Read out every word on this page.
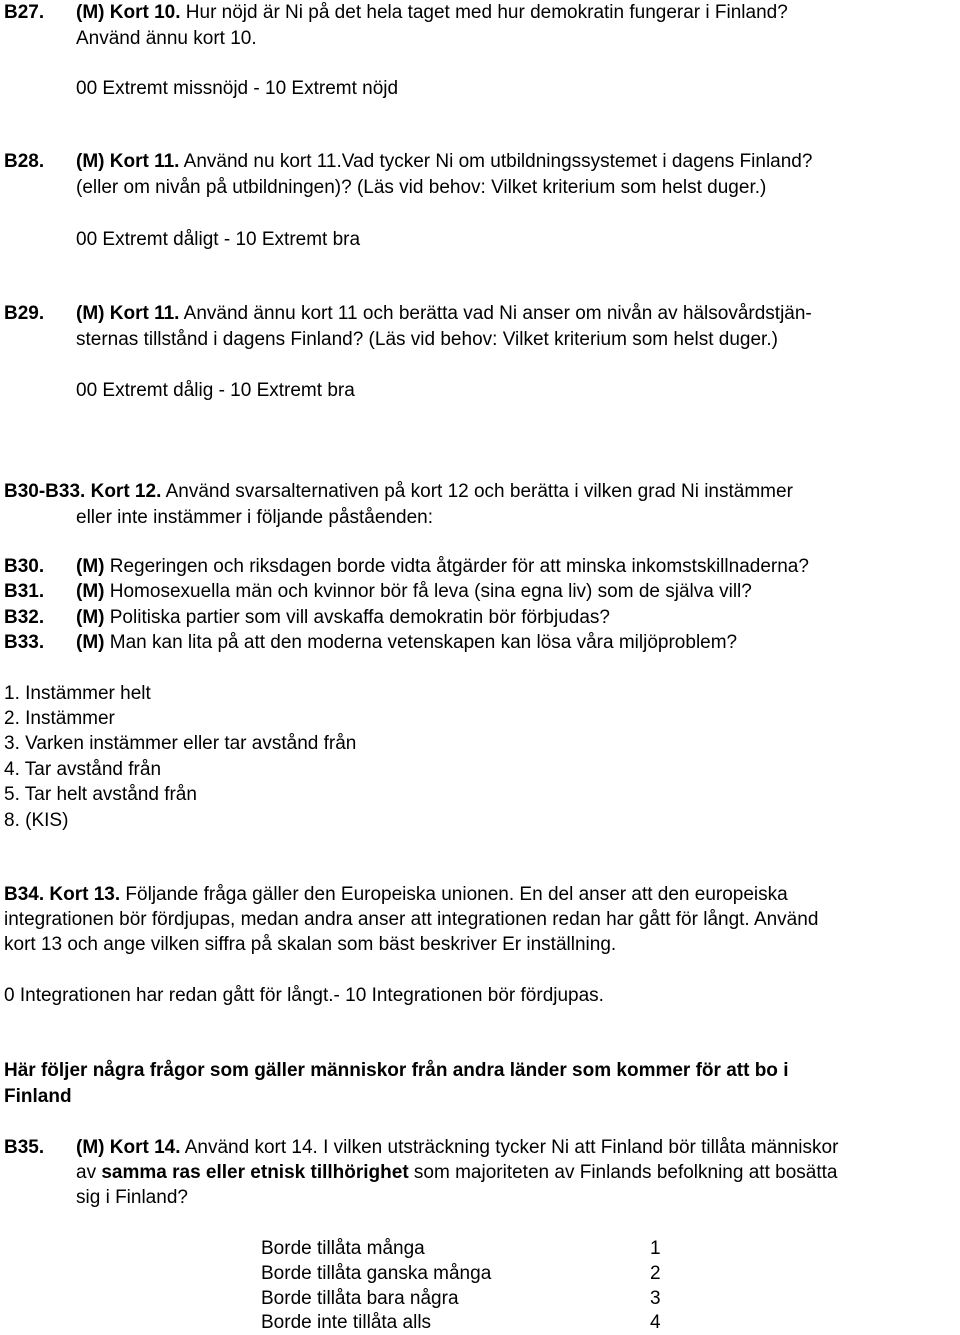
B27. (M) Kort 10. Hur nöjd är Ni på det hela taget med hur demokratin fungerar i Finland?
Använd ännu kort 10.
00 Extremt missnöjd - 10 Extremt nöjd
B28. (M) Kort 11. Använd nu kort 11.Vad tycker Ni om utbildningssystemet i dagens Finland?
(eller om nivån på utbildningen)? (Läs vid behov: Vilket kriterium som helst duger.)
00 Extremt dåligt - 10 Extremt bra
B29. (M) Kort 11. Använd ännu kort 11 och berätta vad Ni anser om nivån av hälsovårdstjän-
sternas tillstånd i dagens Finland? (Läs vid behov: Vilket kriterium som helst duger.)
00 Extremt dålig - 10 Extremt bra
B30-B33. Kort 12. Använd svarsalternativen på kort 12 och berätta i vilken grad Ni instämmer
eller inte instämmer i följande påståenden:
B30. (M) Regeringen och riksdagen borde vidta åtgärder för att minska inkomstskillnaderna?
B31. (M) Homosexuella män och kvinnor bör få leva (sina egna liv) som de själva vill?
B32. (M) Politiska partier som vill avskaffa demokratin bör förbjudas?
B33. (M) Man kan lita på att den moderna vetenskapen kan lösa våra miljöproblem?
1. Instämmer helt
2. Instämmer
3. Varken instämmer eller tar avstånd från
4. Tar avstånd från
5. Tar helt avstånd från
8. (KIS)
B34. Kort 13. Följande fråga gäller den Europeiska unionen. En del anser att den europeiska
integrationen bör fördjupas, medan andra anser att integrationen redan har gått för långt. Använd
kort 13 och ange vilken siffra på skalan som bäst beskriver Er inställning.
0 Integrationen har redan gått för långt.- 10 Integrationen bör fördjupas.
Här följer några frågor som gäller människor från andra länder som kommer för att bo i
Finland
B35. (M) Kort 14. Använd kort 14. I vilken utsträckning tycker Ni att Finland bör tillåta människor
av samma ras eller etnisk tillhörighet som majoriteten av Finlands befolkning att bosätta
sig i Finland?
Borde tillåta många	1
Borde tillåta ganska många	2
Borde tillåta bara några	3
Borde inte tillåta alls	4
